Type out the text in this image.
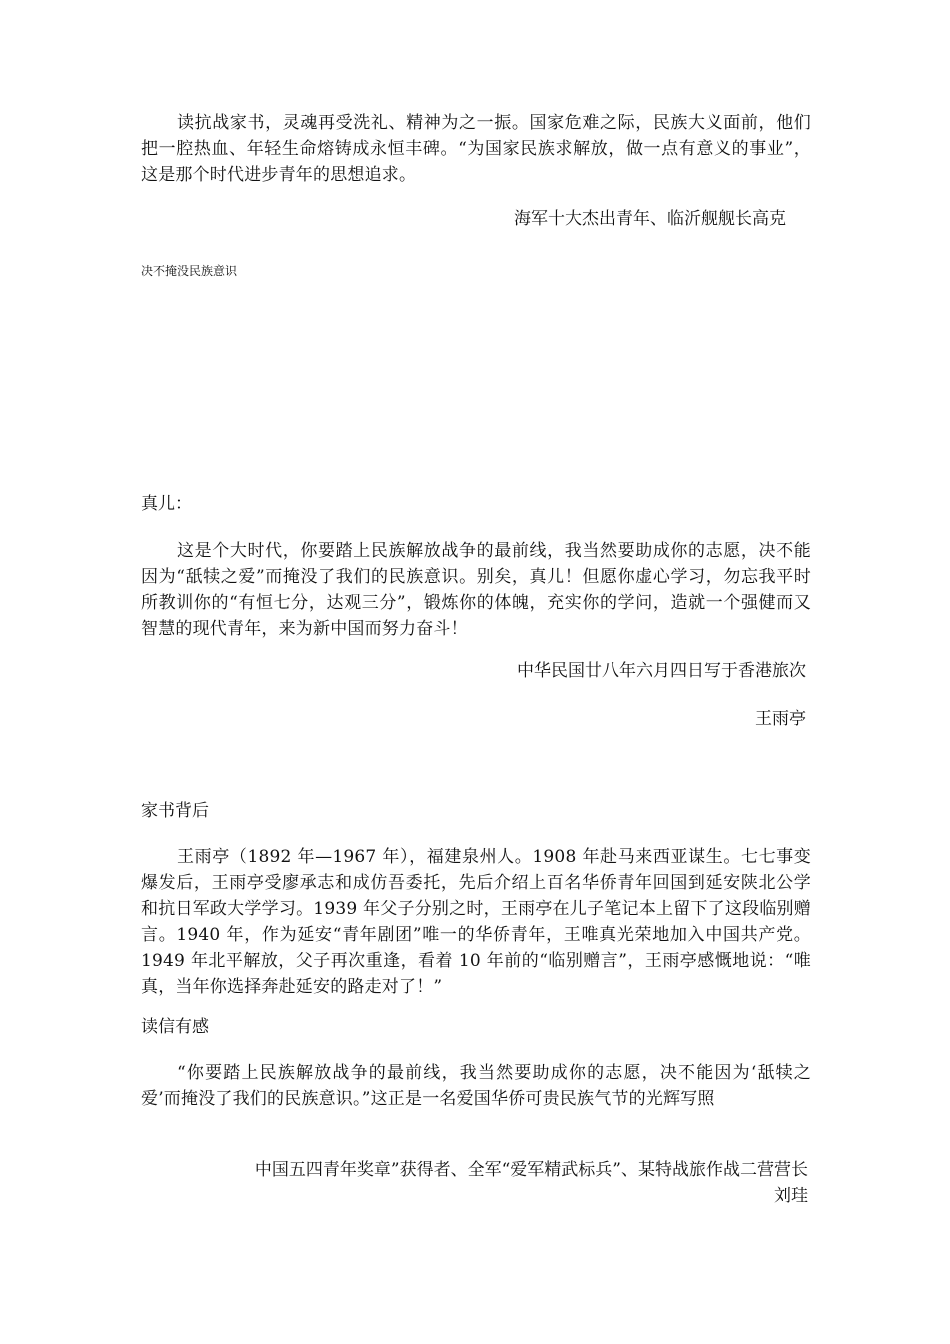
读抗战家书，灵魂再受洗礼、精神为之一振。国家危难之际，民族大义面前，他们把一腔热血、年轻生命熔铸成永恒丰碑。“为国家民族求解放，做一点有意义的事业”，这是那个时代进步青年的思想追求。

海军十大杰出青年、临沂舰舰长高克

决不掩没民族意识

真儿：

这是个大时代，你要踏上民族解放战争的最前线，我当然要助成你的志愿，决不能因为“舐犊之爱”而掩没了我们的民族意识。别矣，真儿！但愿你虚心学习，勿忘我平时所教训你的“有恒七分，达观三分”，锻炼你的体魄，充实你的学问，造就一个强健而又智慧的现代青年，来为新中国而努力奋斗！

中华民国廿八年六月四日写于香港旅次

王雨亭

家书背后

王雨亭（1892 年—1967 年），福建泉州人。1908 年赴马来西亚谋生。七七事变爆发后，王雨亭受廖承志和成仿吾委托，先后介绍上百名华侨青年回国到延安陕北公学和抗日军政大学学习。1939 年父子分别之时，王雨亭在儿子笔记本上留下了这段临别赠言。1940 年，作为延安“青年剧团”唯一的华侨青年，王唯真光荣地加入中国共产党。1949 年北平解放，父子再次重逢，看着 10 年前的“临别赠言”，王雨亭感慨地说：“唯真，当年你选择奔赴延安的路走对了！”

读信有感

“你要踏上民族解放战争的最前线，我当然要助成你的志愿，决不能因为‘舐犊之爱’而掩没了我们的民族意识。”这正是一名爱国华侨可贵民族气节的光辉写照

中国五四青年奖章”获得者、全军“爱军精武标兵”、某特战旅作战二营营长

刘珪
